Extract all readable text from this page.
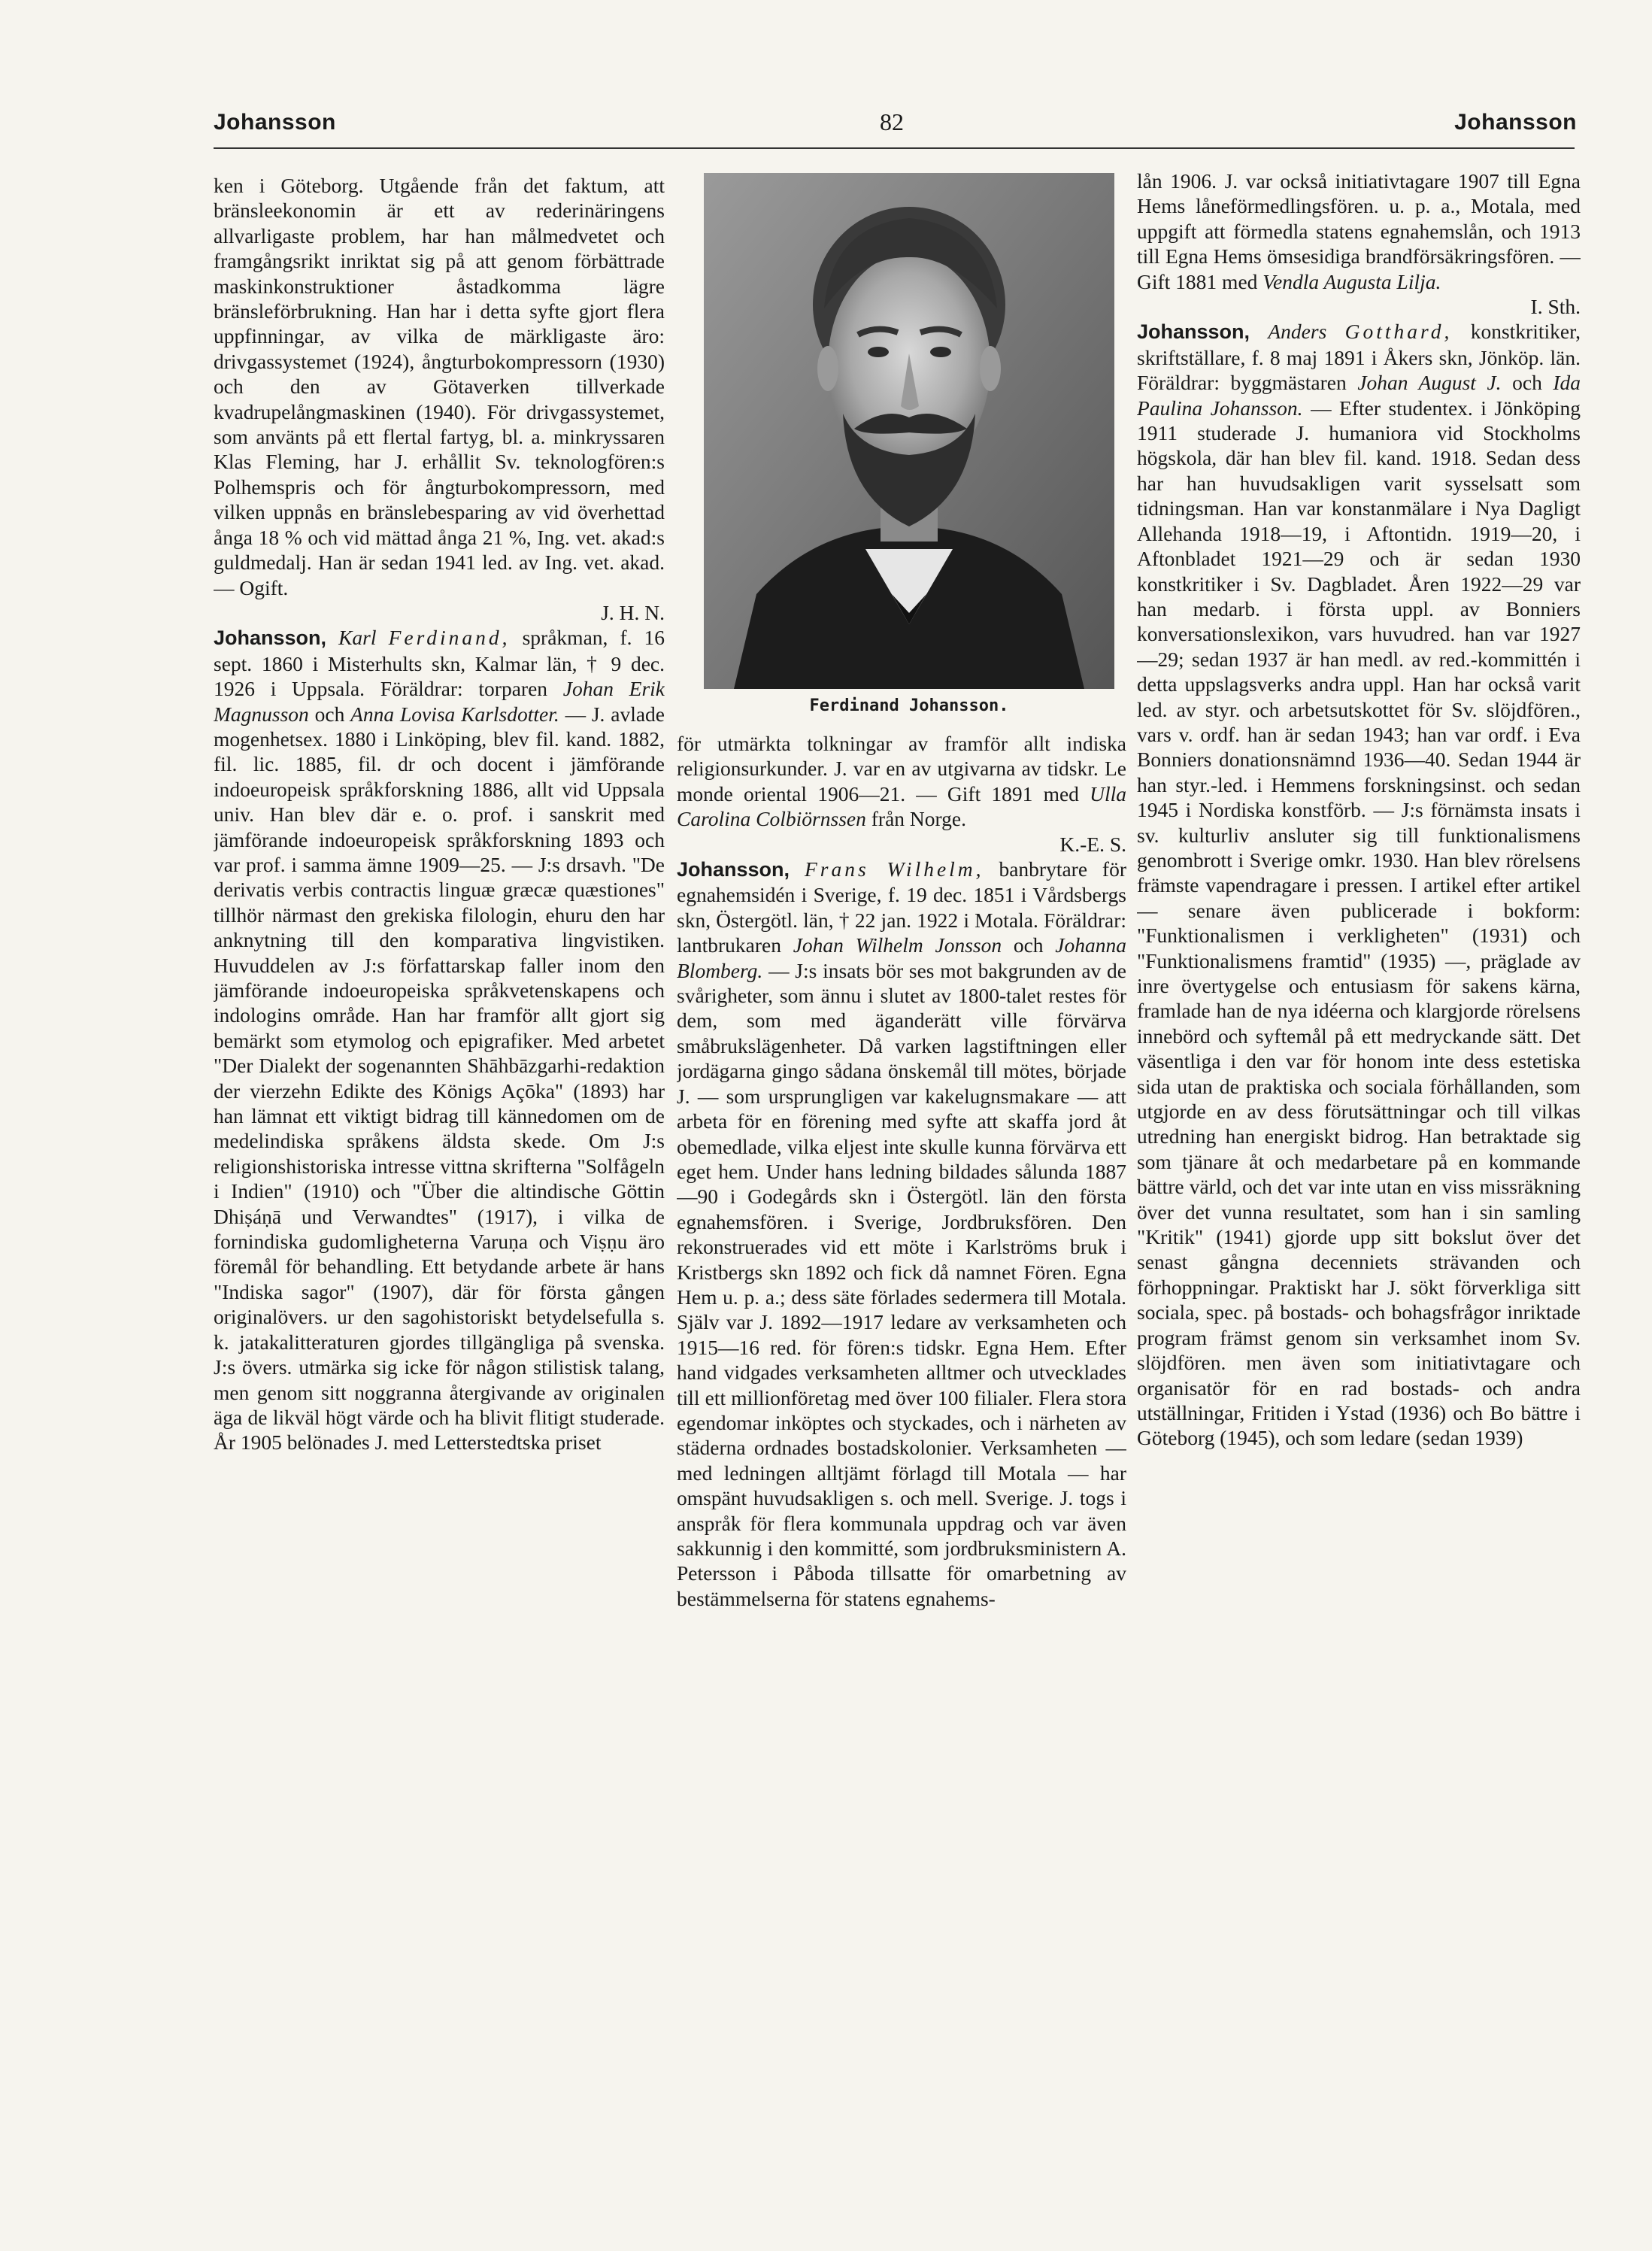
Johansson	82	Johansson

ken i Göteborg. Utgående från det faktum, att bränsleekonomin är ett av rederinäringens allvarligaste problem, har han målmedvetet och framgångsrikt inriktat sig på att genom förbättrade maskinkonstruktioner åstadkomma lägre bränsleförbrukning. Han har i detta syfte gjort flera uppfinningar, av vilka de märkligaste äro: drivgassystemet (1924), ångturbokompressorn (1930) och den av Götaverken tillverkade kvadrupelångmaskinen (1940). För drivgassystemet, som använts på ett flertal fartyg, bl. a. minkryssaren Klas Fleming, har J. erhållit Sv. teknologfören:s Polhemspris och för ångturbokompressorn, med vilken uppnås en bränslebesparing av vid överhettad ånga 18 % och vid mättad ånga 21 %, Ing. vet. akad:s guldmedalj. Han är sedan 1941 led. av Ing. vet. akad. — Ogift.

J. H. N.

Johansson, Karl Ferdinand, språkman, f. 16 sept. 1860 i Misterhults skn, Kalmar län, † 9 dec. 1926 i Uppsala. Föräldrar: torparen Johan Erik Magnusson och Anna Lovisa Karlsdotter. — J. avlade mogenhetsex. 1880 i Linköping, blev fil. kand. 1882, fil. lic. 1885, fil. dr och docent i jämförande indoeuropeisk språkforskning 1886, allt vid Uppsala univ. Han blev där e. o. prof. i sanskrit med jämförande indoeuropeisk språkforskning 1893 och var prof. i samma ämne 1909—25. — J:s drsavh. "De derivatis verbis contractis linguæ græcæ quæstiones" tillhör närmast den grekiska filologin, ehuru den har anknytning till den komparativa lingvistiken. Huvuddelen av J:s författarskap faller inom den jämförande indoeuropeiska språkvetenskapens och indologins område. Han har framför allt gjort sig bemärkt som etymolog och epigrafiker. Med arbetet "Der Dialekt der sogenannten Shāhbāzgarhi-redaktion der vierzehn Edikte des Königs Açōka" (1893) har han lämnat ett viktigt bidrag till kännedomen om de medelindiska språkens äldsta skede. Om J:s religionshistoriska intresse vittna skrifterna "Solfågeln i Indien" (1910) och "Über die altindische Göttin Dhiṣáṇā und Verwandtes" (1917), i vilka de fornindiska gudomligheterna Varuṇa och Viṣṇu äro föremål för behandling. Ett betydande arbete är hans "Indiska sagor" (1907), där för första gången originalövers. ur den sagohistoriskt betydelsefulla s. k. jatakalitteraturen gjordes tillgängliga på svenska. J:s övers. utmärka sig icke för någon stilistisk talang, men genom sitt noggranna återgivande av originalen äga de likväl högt värde och ha blivit flitigt studerade. År 1905 belönades J. med Letterstedtska priset

Ferdinand Johansson.

för utmärkta tolkningar av framför allt indiska religionsurkunder. J. var en av utgivarna av tidskr. Le monde oriental 1906—21. — Gift 1891 med Ulla Carolina Colbiörnssen från Norge.

K.-E. S.

Johansson, Frans Wilhelm, banbrytare för egnahemsidén i Sverige, f. 19 dec. 1851 i Vårdsbergs skn, Östergötl. län, † 22 jan. 1922 i Motala. Föräldrar: lantbrukaren Johan Wilhelm Jonsson och Johanna Blomberg. — J:s insats bör ses mot bakgrunden av de svårigheter, som ännu i slutet av 1800-talet restes för dem, som med äganderätt ville förvärva småbrukslägenheter. Då varken lagstiftningen eller jordägarna gingo sådana önskemål till mötes, började J. — som ursprungligen var kakelugnsmakare — att arbeta för en förening med syfte att skaffa jord åt obemedlade, vilka eljest inte skulle kunna förvärva ett eget hem. Under hans ledning bildades sålunda 1887—90 i Godegårds skn i Östergötl. län den första egnahemsfören. i Sverige, Jordbruksfören. Den rekonstruerades vid ett möte i Karlströms bruk i Kristbergs skn 1892 och fick då namnet Fören. Egna Hem u. p. a.; dess säte förlades sedermera till Motala. Själv var J. 1892—1917 ledare av verksamheten och 1915—16 red. för fören:s tidskr. Egna Hem. Efter hand vidgades verksamheten alltmer och utvecklades till ett millionföretag med över 100 filialer. Flera stora egendomar inköptes och styckades, och i närheten av städerna ordnades bostadskolonier. Verksamheten — med ledningen alltjämt förlagd till Motala — har omspänt huvudsakligen s. och mell. Sverige. J. togs i anspråk för flera kommunala uppdrag och var även sakkunnig i den kommitté, som jordbruksministern A. Petersson i Påboda tillsatte för omarbetning av bestämmelserna för statens egnahems-

lån 1906. J. var också initiativtagare 1907 till Egna Hems låneförmedlingsfören. u. p. a., Motala, med uppgift att förmedla statens egnahemslån, och 1913 till Egna Hems ömsesidiga brandförsäkringsfören. — Gift 1881 med Vendla Augusta Lilja.

I. Sth.

Johansson, Anders Gotthard, konstkritiker, skriftställare, f. 8 maj 1891 i Åkers skn, Jönköp. län. Föräldrar: byggmästaren Johan August J. och Ida Paulina Johansson. — Efter studentex. i Jönköping 1911 studerade J. humaniora vid Stockholms högskola, där han blev fil. kand. 1918. Sedan dess har han huvudsakligen varit sysselsatt som tidningsman. Han var konstanmälare i Nya Dagligt Allehanda 1918—19, i Aftontidn. 1919—20, i Aftonbladet 1921—29 och är sedan 1930 konstkritiker i Sv. Dagbladet. Åren 1922—29 var han medarb. i första uppl. av Bonniers konversationslexikon, vars huvudred. han var 1927—29; sedan 1937 är han medl. av red.-kommittén i detta uppslagsverks andra uppl. Han har också varit led. av styr. och arbetsutskottet för Sv. slöjdfören., vars v. ordf. han är sedan 1943; han var ordf. i Eva Bonniers donationsnämnd 1936—40. Sedan 1944 är han styr.-led. i Hemmens forskningsinst. och sedan 1945 i Nordiska konstförb. — J:s förnämsta insats i sv. kulturliv ansluter sig till funktionalismens genombrott i Sverige omkr. 1930. Han blev rörelsens främste vapendragare i pressen. I artikel efter artikel — senare även publicerade i bokform: "Funktionalismen i verkligheten" (1931) och "Funktionalismens framtid" (1935) —, präglade av inre övertygelse och entusiasm för sakens kärna, framlade han de nya idéerna och klargjorde rörelsens innebörd och syftemål på ett medryckande sätt. Det väsentliga i den var för honom inte dess estetiska sida utan de praktiska och sociala förhållanden, som utgjorde en av dess förutsättningar och till vilkas utredning han energiskt bidrog. Han betraktade sig som tjänare åt och medarbetare på en kommande bättre värld, och det var inte utan en viss missräkning över det vunna resultatet, som han i sin samling "Kritik" (1941) gjorde upp sitt bokslut över det senast gångna decenniets strävanden och förhoppningar. Praktiskt har J. sökt förverkliga sitt sociala, spec. på bostads- och bohagsfrågor inriktade program främst genom sin verksamhet inom Sv. slöjdfören. men även som initiativtagare och organisatör för en rad bostads- och andra utställningar, Fritiden i Ystad (1936) och Bo bättre i Göteborg (1945), och som ledare (sedan 1939)
